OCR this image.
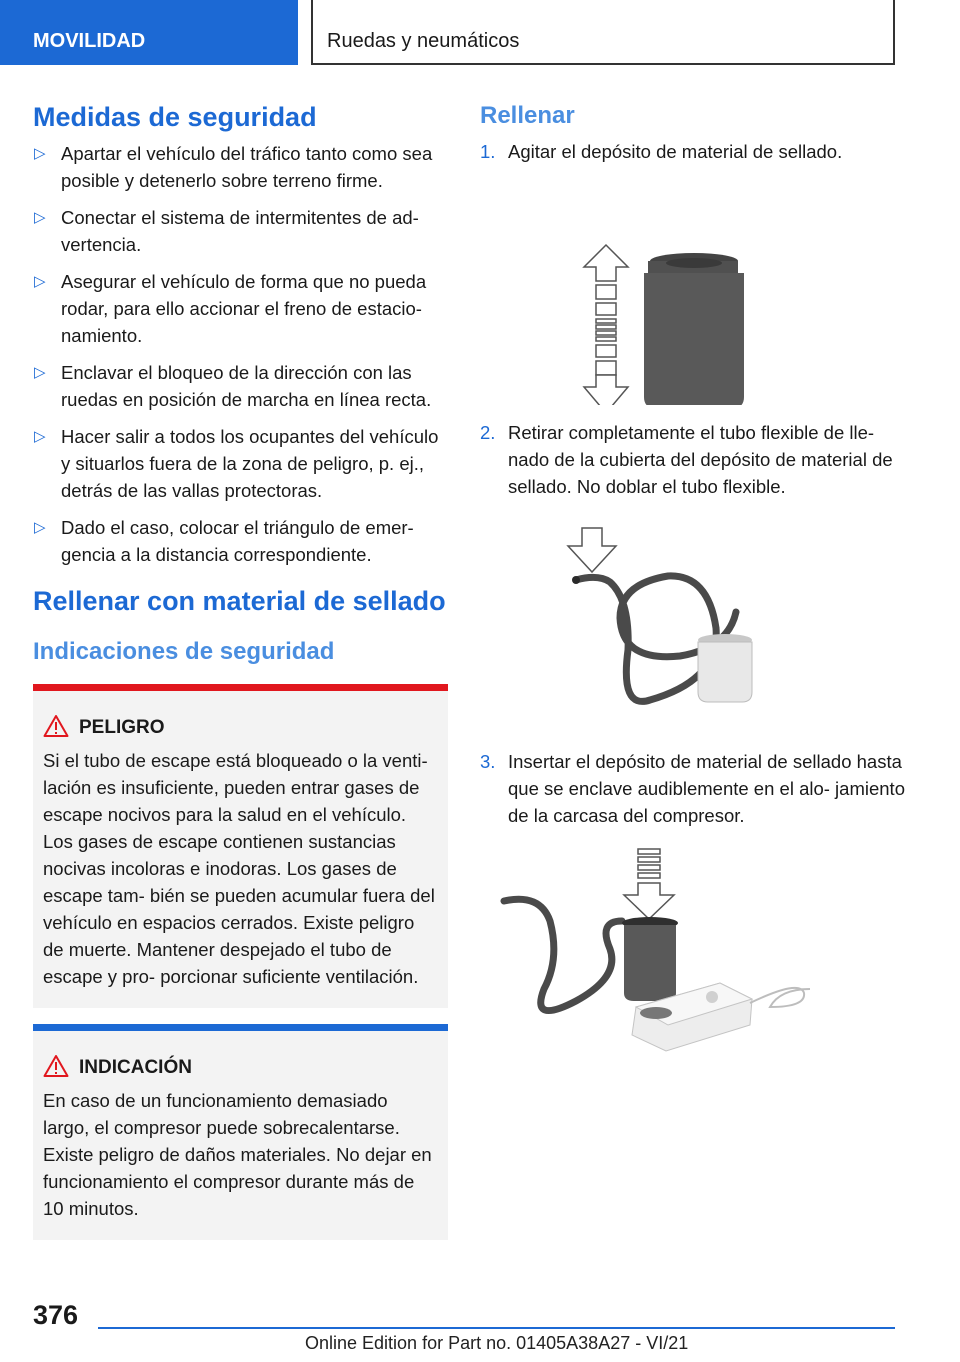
MOVILIDAD	Ruedas y neumáticos
Medidas de seguridad
▷ Apartar el vehículo del tráfico tanto como sea posible y detenerlo sobre terreno firme.
▷ Conectar el sistema de intermitentes de ad- vertencia.
▷ Asegurar el vehículo de forma que no pueda rodar, para ello accionar el freno de estacio- namiento.
▷ Enclavar el bloqueo de la dirección con las ruedas en posición de marcha en línea recta.
▷ Hacer salir a todos los ocupantes del vehículo y situarlos fuera de la zona de peligro, p. ej., detrás de las vallas protectoras.
▷ Dado el caso, colocar el triángulo de emer- gencia a la distancia correspondiente.
Rellenar con material de sellado
Indicaciones de seguridad
PELIGRO
Si el tubo de escape está bloqueado o la venti- lación es insuficiente, pueden entrar gases de escape nocivos para la salud en el vehículo. Los gases de escape contienen sustancias nocivas incoloras e inodoras. Los gases de escape tam- bién se pueden acumular fuera del vehículo en espacios cerrados. Existe peligro de muerte. Mantener despejado el tubo de escape y pro- porcionar suficiente ventilación.
INDICACIÓN
En caso de un funcionamiento demasiado largo, el compresor puede sobrecalentarse. Existe peligro de daños materiales. No dejar en funcionamiento el compresor durante más de 10 minutos.
Rellenar
1. Agitar el depósito de material de sellado.
2. Retirar completamente el tubo flexible de lle- nado de la cubierta del depósito de material de sellado. No doblar el tubo flexible.
3. Insertar el depósito de material de sellado hasta que se enclave audiblemente en el alo- jamiento de la carcasa del compresor.
376
Online Edition for Part no. 01405A38A27 - VI/21
